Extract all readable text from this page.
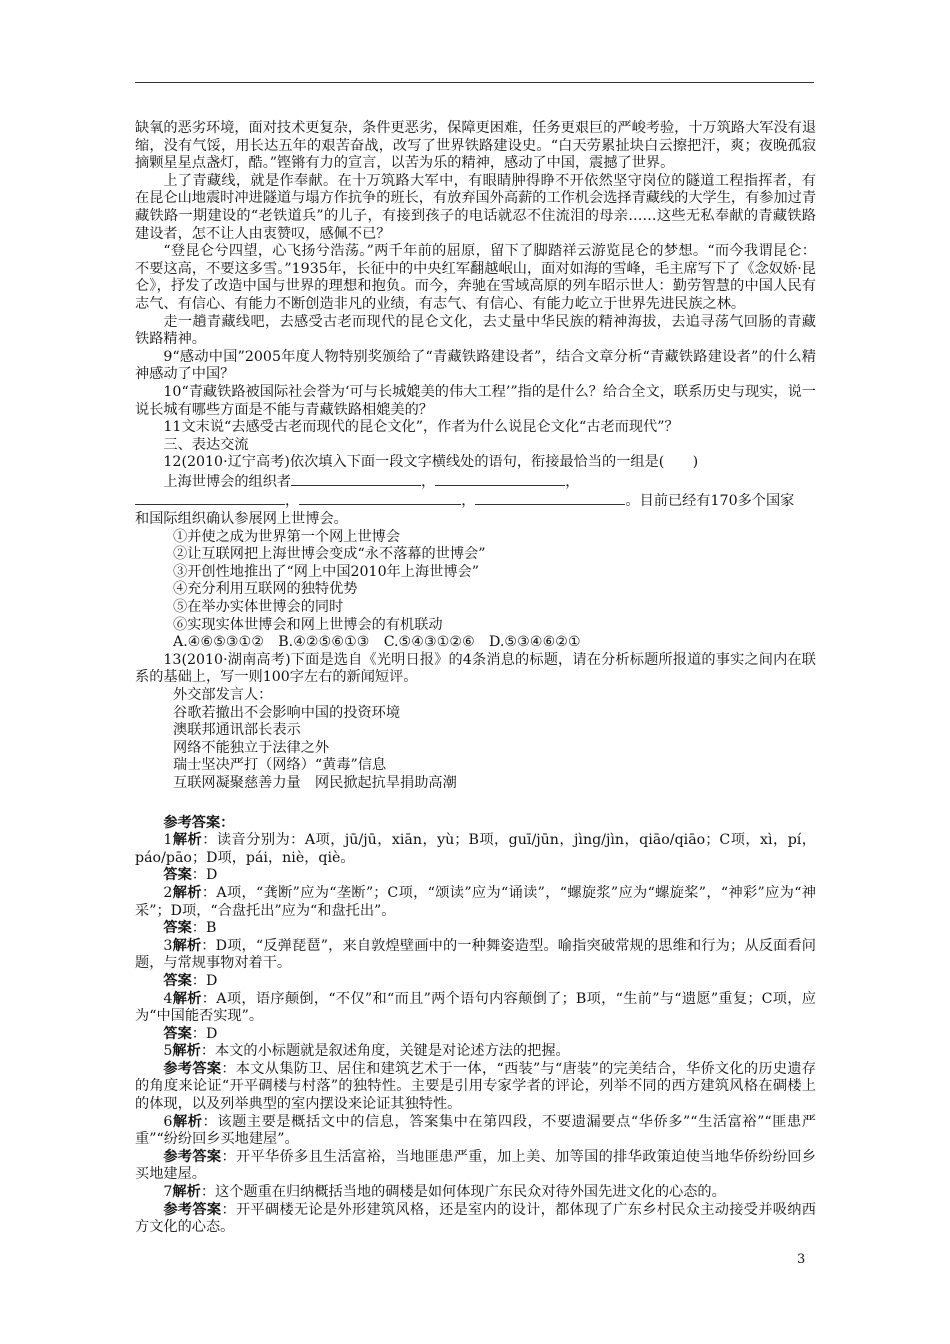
缺氧的恶劣环境，面对技术更复杂，条件更恶劣，保障更困难，任务更艰巨的严峻考验，十万筑路大军没有退缩，没有气馁，用长达五年的艰苦奋战，改写了世界铁路建设史。“白天劳累扯块白云擦把汗，爽；夜晚孤寂摘颗星星点盏灯，酷。”铿锵有力的宣言，以苦为乐的精神，感动了中国，震撼了世界。

上了青藏线，就是作奉献。在十万筑路大军中，有眼睛肿得睁不开依然坚守岗位的隧道工程指挥者，有在昆仑山地震时冲进隧道与塌方作抗争的班长，有放弃国外高薪的工作机会选择青藏线的大学生，有参加过青藏铁路一期建设的“老铁道兵”的儿子，有接到孩子的电话就忍不住流泪的母亲……这些无私奉献的青藏铁路建设者，怎不让人由衷赞叹，感佩不已？

“登昆仑兮四望，心飞扬兮浩荡。”两千年前的屈原，留下了脚踏祥云游览昆仑的梦想。“而今我谓昆仑：不要这高，不要这多雪。”1935年，长征中的中央红军翻越岷山，面对如海的雪峰，毛主席写下了《念奴娇·昆仑》，抒发了改造中国与世界的理想和抱负。而今，奔驰在雪域高原的列车昭示世人：勤劳智慧的中国人民有志气、有信心、有能力不断创造非凡的业绩，有志气、有信心、有能力屹立于世界先进民族之林。

走一趟青藏线吧，去感受古老而现代的昆仑文化，去丈量中华民族的精神海拔，去追寻荡气回肠的青藏铁路精神。

9“感动中国”2005年度人物特别奖颁给了“青藏铁路建设者”，结合文章分析“青藏铁路建设者”的什么精神感动了中国？

10“青藏铁路被国际社会誉为‘可与长城媲美的伟大工程’”指的是什么？给合全文，联系历史与现实，说一说长城有哪些方面是不能与青藏铁路相媲美的？

11文末说“去感受古老而现代的昆仑文化”，作者为什么说昆仑文化“古老而现代”？

三、表达交流

12(2010·辽宁高考)依次填入下面一段文字横线处的语句，衔接最恰当的一组是(　　)

上海世博会的组织者	，	，

，	，	。目前已经有170多个国家

和国际组织确认参展网上世博会。

①并使之成为世界第一个网上世博会

②让互联网把上海世博会变成“永不落幕的世博会”

③开创性地推出了“网上中国2010年上海世博会”

④充分利用互联网的独特优势

⑤在举办实体世博会的同时

⑥实现实体世博会和网上世博会的有机联动

A.④⑥⑤③①②　B.④②⑤⑥①③　C.⑤④③①②⑥　D.⑤③④⑥②①

13(2010·湖南高考)下面是选自《光明日报》的4条消息的标题，请在分析标题所报道的事实之间内在联系的基础上，写一则100字左右的新闻短评。

外交部发言人：

谷歌若撤出不会影响中国的投资环境

澳联邦通讯部长表示

网络不能独立于法律之外

瑞士坚决严打（网络）“黄毒”信息

互联网凝聚慈善力量　网民掀起抗旱捐助高潮

参考答案：

1解析：读音分别为：A项，jū/jū，xiān，yù；B项，guī/jūn，jìng/jìn，qiāo/qiāo；C项，xì，pí，páo/pāo；D项，pái，niè，qiè。

答案：D

2解析：A项，“龚断”应为“垄断”；C项，“颂读”应为“诵读”，“螺旋浆”应为“螺旋桨”，“神彩”应为“神采”；D项，“合盘托出”应为“和盘托出”。

答案：B

3解析：D项，“反弹琵琶”，来自敦煌壁画中的一种舞姿造型。喻指突破常规的思维和行为；从反面看问题，与常规事物对着干。

答案：D

4解析：A项，语序颠倒，“不仅”和“而且”两个语句内容颠倒了；B项，“生前”与“遗愿”重复；C项，应为“中国能否实现”。

答案：D

5解析：本文的小标题就是叙述角度，关键是对论述方法的把握。

参考答案：本文从集防卫、居住和建筑艺术于一体，“西装”与“唐装”的完美结合，华侨文化的历史遗存的角度来论证“开平碉楼与村落”的独特性。主要是引用专家学者的评论，列举不同的西方建筑风格在碉楼上的体现，以及列举典型的室内摆设来论证其独特性。

6解析：该题主要是概括文中的信息，答案集中在第四段，不要遗漏要点“华侨多”“生活富裕”“匪患严重”“纷纷回乡买地建屋”。

参考答案：开平华侨多且生活富裕，当地匪患严重，加上美、加等国的排华政策迫使当地华侨纷纷回乡买地建屋。

7解析：这个题重在归纳概括当地的碉楼是如何体现广东民众对待外国先进文化的心态的。

参考答案：开平碉楼无论是外形建筑风格，还是室内的设计，都体现了广东乡村民众主动接受并吸纳西方文化的心态。

3
